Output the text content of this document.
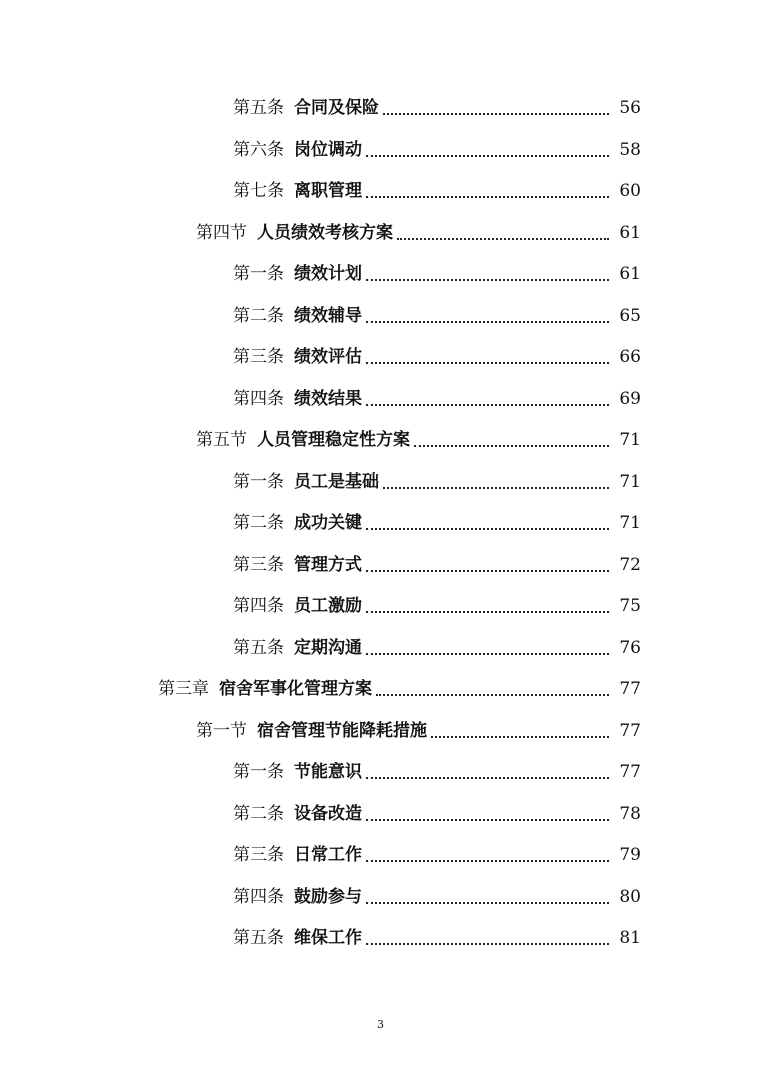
第五条 合同及保险	56
第六条 岗位调动	58
第七条 离职管理	60
第四节 人员绩效考核方案	61
第一条 绩效计划	61
第二条 绩效辅导	65
第三条 绩效评估	66
第四条 绩效结果	69
第五节 人员管理稳定性方案	71
第一条 员工是基础	71
第二条 成功关键	71
第三条 管理方式	72
第四条 员工激励	75
第五条 定期沟通	76
第三章 宿舍军事化管理方案	77
第一节 宿舍管理节能降耗措施	77
第一条 节能意识	77
第二条 设备改造	78
第三条 日常工作	79
第四条 鼓励参与	80
第五条 维保工作	81
3
